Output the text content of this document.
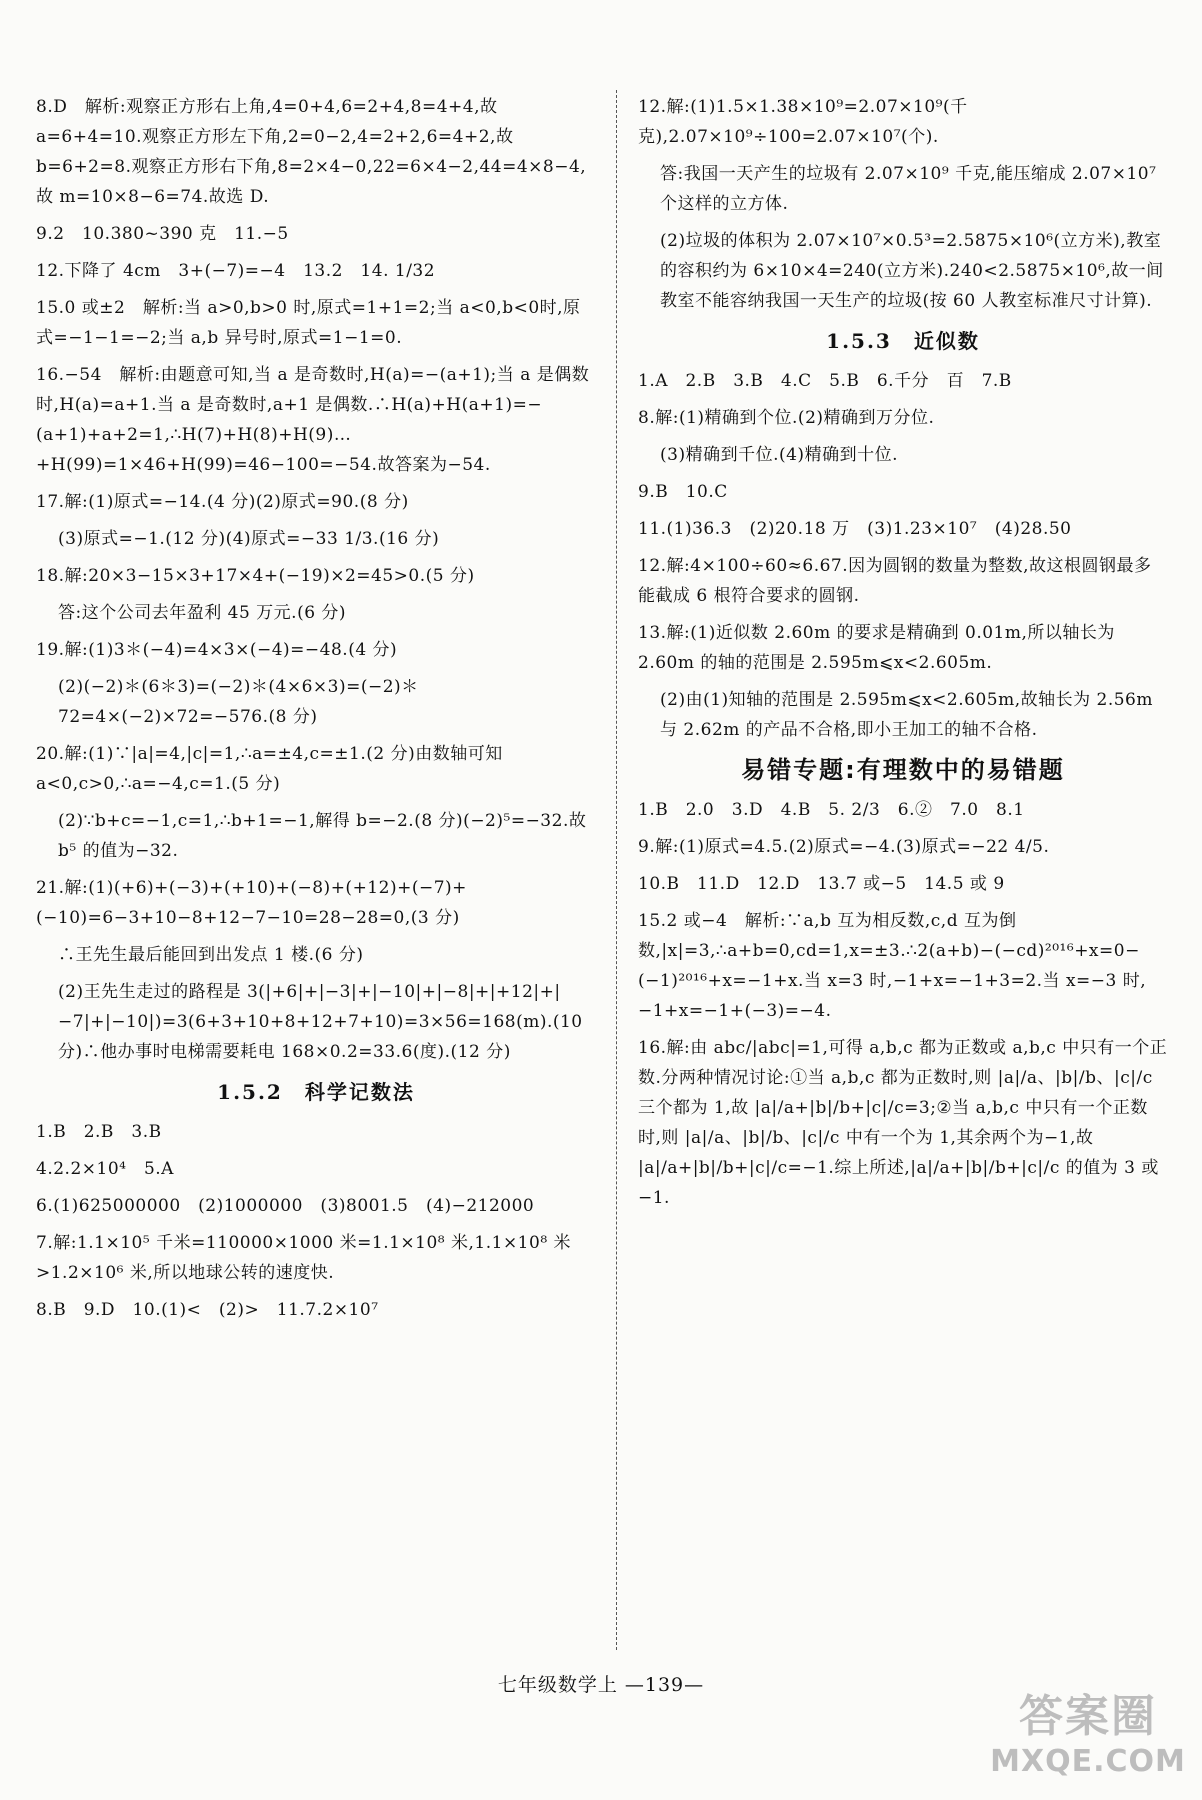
8.D　解析:观察正方形右上角,4=0+4,6=2+4,8=4+4,故 a=6+4=10.观察正方形左下角,2=0−2,4=2+2,6=4+2,故 b=6+2=8.观察正方形右下角,8=2×4−0,22=6×4−2,44=4×8−4,故 m=10×8−6=74.故选 D.

9.2　10.380~390 克　11.−5

12.下降了 4cm　3+(−7)=−4　13.2　14. 1/32

15.0 或±2　解析:当 a>0,b>0 时,原式=1+1=2;当 a<0,b<0时,原式=−1−1=−2;当 a,b 异号时,原式=1−1=0.

16.−54　解析:由题意可知,当 a 是奇数时,H(a)=−(a+1);当 a 是偶数时,H(a)=a+1.当 a 是奇数时,a+1 是偶数.∴H(a)+H(a+1)=−(a+1)+a+2=1,∴H(7)+H(8)+H(9)…+H(99)=1×46+H(99)=46−100=−54.故答案为−54.

17.解:(1)原式=−14.(4 分)(2)原式=90.(8 分)

(3)原式=−1.(12 分)(4)原式=−33 1/3.(16 分)

18.解:20×3−15×3+17×4+(−19)×2=45>0.(5 分)

答:这个公司去年盈利 45 万元.(6 分)

19.解:(1)3＊(−4)=4×3×(−4)=−48.(4 分)

(2)(−2)＊(6＊3)=(−2)＊(4×6×3)=(−2)＊72=4×(−2)×72=−576.(8 分)

20.解:(1)∵|a|=4,|c|=1,∴a=±4,c=±1.(2 分)由数轴可知 a<0,c>0,∴a=−4,c=1.(5 分)

(2)∵b+c=−1,c=1,∴b+1=−1,解得 b=−2.(8 分)(−2)⁵=−32.故 b⁵ 的值为−32.

21.解:(1)(+6)+(−3)+(+10)+(−8)+(+12)+(−7)+(−10)=6−3+10−8+12−7−10=28−28=0,(3 分)

∴王先生最后能回到出发点 1 楼.(6 分)

(2)王先生走过的路程是 3(|+6|+|−3|+|−10|+|−8|+|+12|+|−7|+|−10|)=3(6+3+10+8+12+7+10)=3×56=168(m).(10 分)∴他办事时电梯需要耗电 168×0.2=33.6(度).(12 分)

1.5.2　科学记数法

1.B　2.B　3.B

4.2.2×10⁴　5.A

6.(1)625000000　(2)1000000　(3)8001.5　(4)−212000

7.解:1.1×10⁵ 千米=110000×1000 米=1.1×10⁸ 米,1.1×10⁸ 米>1.2×10⁶ 米,所以地球公转的速度快.

8.B　9.D　10.(1)<　(2)>　11.7.2×10⁷

12.解:(1)1.5×1.38×10⁹=2.07×10⁹(千克),2.07×10⁹÷100=2.07×10⁷(个).

答:我国一天产生的垃圾有 2.07×10⁹ 千克,能压缩成 2.07×10⁷ 个这样的立方体.

(2)垃圾的体积为 2.07×10⁷×0.5³=2.5875×10⁶(立方米),教室的容积约为 6×10×4=240(立方米).240<2.5875×10⁶,故一间教室不能容纳我国一天生产的垃圾(按 60 人教室标准尺寸计算).

1.5.3　近似数

1.A　2.B　3.B　4.C　5.B　6.千分　百　7.B

8.解:(1)精确到个位.(2)精确到万分位.

(3)精确到千位.(4)精确到十位.

9.B　10.C

11.(1)36.3　(2)20.18 万　(3)1.23×10⁷　(4)28.50

12.解:4×100÷60≈6.67.因为圆钢的数量为整数,故这根圆钢最多能截成 6 根符合要求的圆钢.

13.解:(1)近似数 2.60m 的要求是精确到 0.01m,所以轴长为 2.60m 的轴的范围是 2.595m⩽x<2.605m.

(2)由(1)知轴的范围是 2.595m⩽x<2.605m,故轴长为 2.56m 与 2.62m 的产品不合格,即小王加工的轴不合格.

易错专题:有理数中的易错题

1.B　2.0　3.D　4.B　5. 2/3　6.②　7.0　8.1

9.解:(1)原式=4.5.(2)原式=−4.(3)原式=−22 4/5.

10.B　11.D　12.D　13.7 或−5　14.5 或 9

15.2 或−4　解析:∵a,b 互为相反数,c,d 互为倒数,|x|=3,∴a+b=0,cd=1,x=±3.∴2(a+b)−(−cd)²⁰¹⁶+x=0−(−1)²⁰¹⁶+x=−1+x.当 x=3 时,−1+x=−1+3=2.当 x=−3 时,−1+x=−1+(−3)=−4.

16.解:由 abc/|abc|=1,可得 a,b,c 都为正数或 a,b,c 中只有一个正数.分两种情况讨论:①当 a,b,c 都为正数时,则 |a|/a、|b|/b、|c|/c 三个都为 1,故 |a|/a+|b|/b+|c|/c=3;②当 a,b,c 中只有一个正数时,则 |a|/a、|b|/b、|c|/c 中有一个为 1,其余两个为−1,故 |a|/a+|b|/b+|c|/c=−1.综上所述,|a|/a+|b|/b+|c|/c 的值为 3 或−1.

七年级数学上 —139—
答案圈
MXQE.COM
